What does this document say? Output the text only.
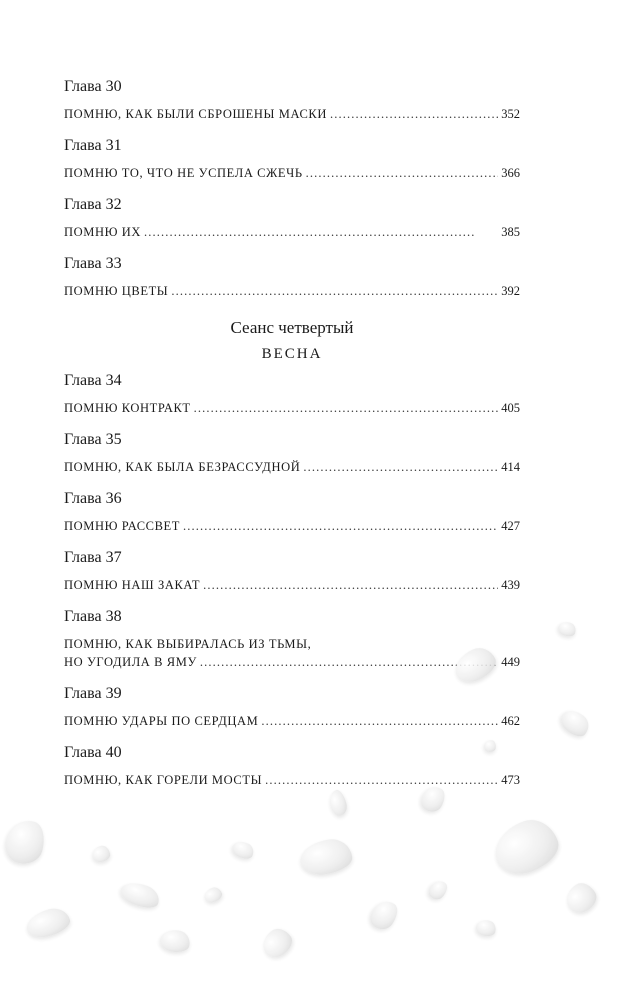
Глава 30
ПОМНЮ, КАК БЫЛИ СБРОШЕНЫ МАСКИ . . .	352
Глава 31
ПОМНЮ ТО, ЧТО НЕ УСПЕЛА СЖЕЧЬ . . .	366
Глава 32
ПОМНЮ ИХ . . .	385
Глава 33
ПОМНЮ ЦВЕТЫ . . .	392
Сеанс четвертый
ВЕСНА
Глава 34
ПОМНЮ КОНТРАКТ . . .	405
Глава 35
ПОМНЮ, КАК БЫЛА БЕЗРАССУДНОЙ . . .	414
Глава 36
ПОМНЮ РАССВЕТ . . .	427
Глава 37
ПОМНЮ НАШ ЗАКАТ . . .	439
Глава 38
ПОМНЮ, КАК ВЫБИРАЛАСЬ ИЗ ТЬМЫ,
НО УГОДИЛА В ЯМУ . . .	449
Глава 39
ПОМНЮ УДАРЫ ПО СЕРДЦАМ . . .	462
Глава 40
ПОМНЮ, КАК ГОРЕЛИ МОСТЫ . . .	473
